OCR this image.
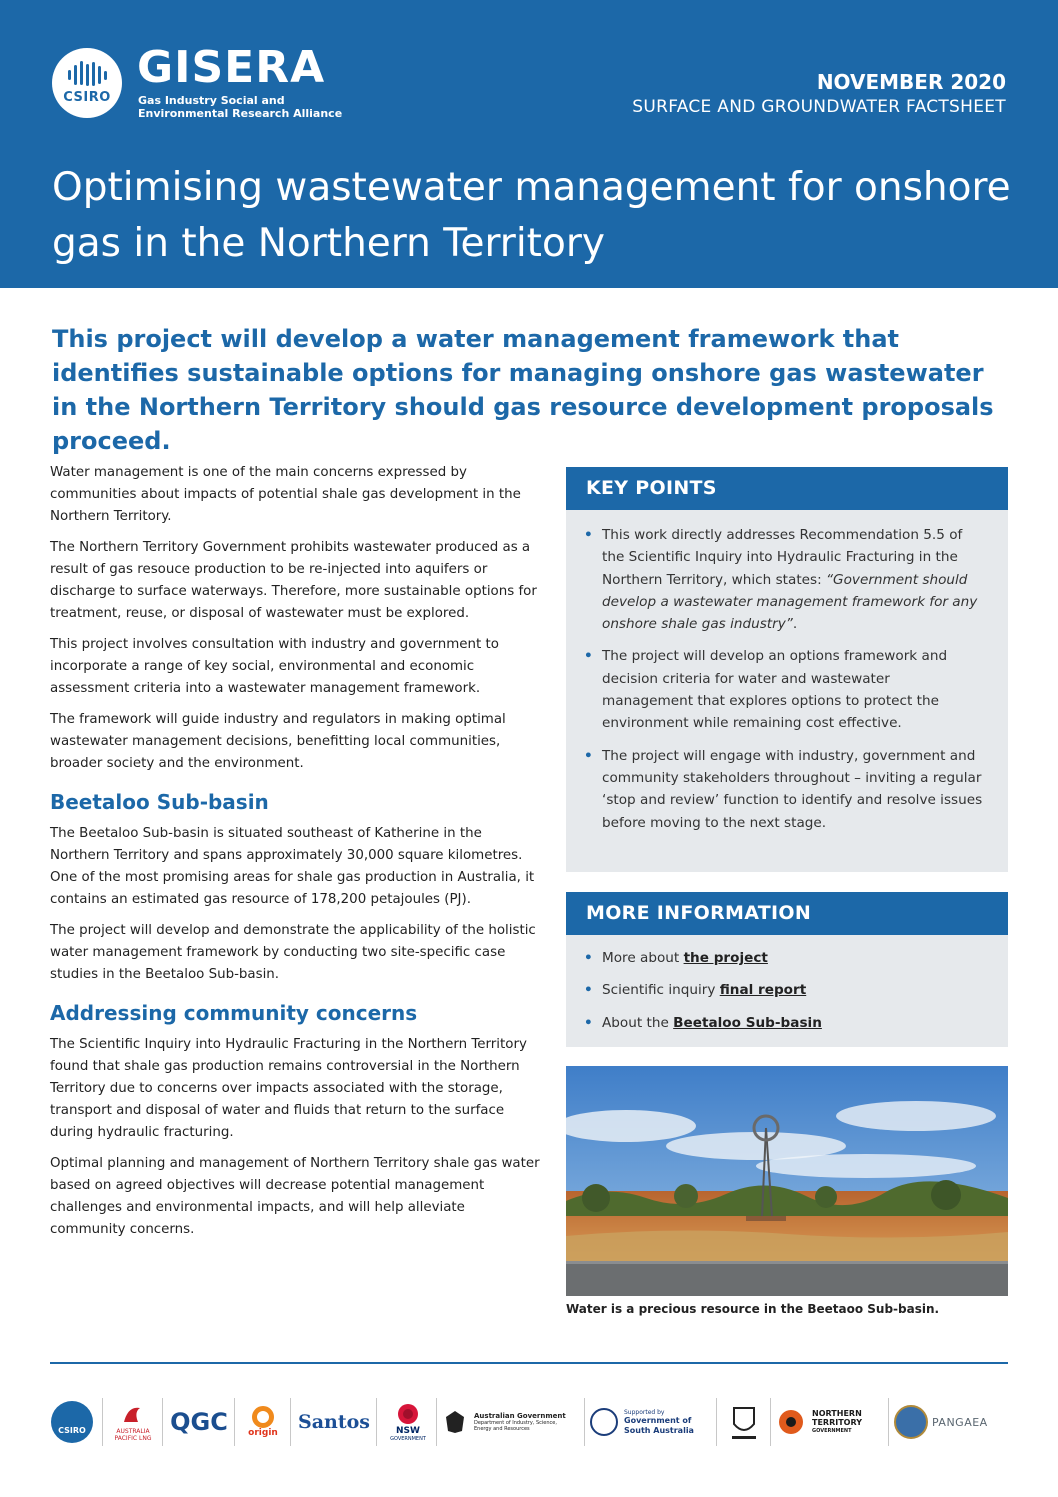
CSIRO
GISERA
Gas Industry Social and Environmental Research Alliance
NOVEMBER 2020
SURFACE AND GROUNDWATER FACTSHEET
Optimising wastewater management for onshore gas in the Northern Territory
This project will develop a water management framework that identifies sustainable options for managing onshore gas wastewater in the Northern Territory should gas resource development proposals proceed.

Water management is one of the main concerns expressed by communities about impacts of potential shale gas development in the Northern Territory.

The Northern Territory Government prohibits wastewater produced as a result of gas resouce production to be re-injected into aquifers or discharge to surface waterways. Therefore, more sustainable options for treatment, reuse, or disposal of wastewater must be explored.

This project involves consultation with industry and government to incorporate a range of key social, environmental and economic assessment criteria into a wastewater management framework.

The framework will guide industry and regulators in making optimal wastewater management decisions, benefitting local communities, broader society and the environment.

Beetaloo Sub-basin

The Beetaloo Sub-basin is situated southeast of Katherine in the Northern Territory and spans approximately 30,000 square kilometres. One of the most promising areas for shale gas production in Australia, it contains an estimated gas resource of 178,200 petajoules (PJ).

The project will develop and demonstrate the applicability of the holistic water management framework by conducting two site-specific case studies in the Beetaloo Sub-basin.

Addressing community concerns

The Scientific Inquiry into Hydraulic Fracturing in the Northern Territory found that shale gas production remains controversial in the Northern Territory due to concerns over impacts associated with the storage, transport and disposal of water and fluids that return to the surface during hydraulic fracturing.

Optimal planning and management of Northern Territory shale gas water based on agreed objectives will decrease potential management challenges and environmental impacts, and will help alleviate community concerns.

KEY POINTS
• This work directly addresses Recommendation 5.5 of the Scientific Inquiry into Hydraulic Fracturing in the Northern Territory, which states: “Government should develop a wastewater management framework for any onshore shale gas industry”.
• The project will develop an options framework and decision criteria for water and wastewater management that explores options to protect the environment while remaining cost effective.
• The project will engage with industry, government and community stakeholders throughout – inviting a regular ‘stop and review’ function to identify and resolve issues before moving to the next stage.
MORE INFORMATION
• More about the project
• Scientific inquiry final report
• About the Beetaloo Sub-basin
Water is a precious resource in the Beetaoo Sub-basin.
CSIRO	AUSTRALIA PACIFIC LNG
QGC origin Santos	NSW
GOVERNMENT
Australian Government
Department of Industry, Science, Energy and Resources
Supported by
Government of South Australia
NORTHERN
TERRITORY
GOVERNMENT
PANGAEA
